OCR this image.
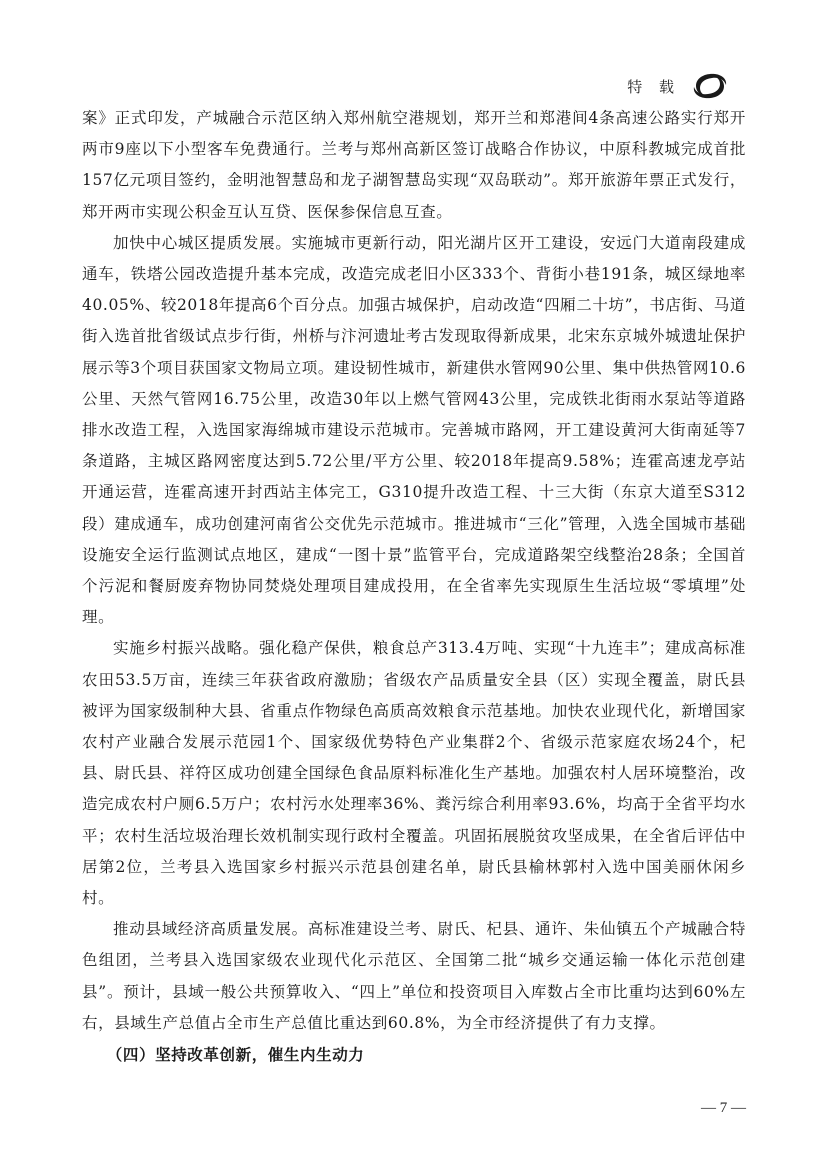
特 载

案》正式印发，产城融合示范区纳入郑州航空港规划，郑开兰和郑港间4条高速公路实行郑开两市9座以下小型客车免费通行。兰考与郑州高新区签订战略合作协议，中原科教城完成首批157亿元项目签约，金明池智慧岛和龙子湖智慧岛实现“双岛联动”。郑开旅游年票正式发行，郑开两市实现公积金互认互贷、医保参保信息互查。

加快中心城区提质发展。实施城市更新行动，阳光湖片区开工建设，安远门大道南段建成通车，铁塔公园改造提升基本完成，改造完成老旧小区333个、背街小巷191条，城区绿地率40.05%、较2018年提高6个百分点。加强古城保护，启动改造“四厢二十坊”，书店街、马道街入选首批省级试点步行街，州桥与汴河遗址考古发现取得新成果，北宋东京城外城遗址保护展示等3个项目获国家文物局立项。建设韧性城市，新建供水管网90公里、集中供热管网10.6公里、天然气管网16.75公里，改造30年以上燃气管网43公里，完成铁北街雨水泵站等道路排水改造工程，入选国家海绵城市建设示范城市。完善城市路网，开工建设黄河大街南延等7条道路，主城区路网密度达到5.72公里/平方公里、较2018年提高9.58%；连霍高速龙亭站开通运营，连霍高速开封西站主体完工，G310提升改造工程、十三大街（东京大道至S312段）建成通车，成功创建河南省公交优先示范城市。推进城市“三化”管理，入选全国城市基础设施安全运行监测试点地区，建成“一图十景”监管平台，完成道路架空线整治28条；全国首个污泥和餐厨废弃物协同焚烧处理项目建成投用，在全省率先实现原生生活垃圾“零填埋”处理。

实施乡村振兴战略。强化稳产保供，粮食总产313.4万吨、实现“十九连丰”；建成高标准农田53.5万亩，连续三年获省政府激励；省级农产品质量安全县（区）实现全覆盖，尉氏县被评为国家级制种大县、省重点作物绿色高质高效粮食示范基地。加快农业现代化，新增国家农村产业融合发展示范园1个、国家级优势特色产业集群2个、省级示范家庭农场24个，杞县、尉氏县、祥符区成功创建全国绿色食品原料标准化生产基地。加强农村人居环境整治，改造完成农村户厕6.5万户；农村污水处理率36%、粪污综合利用率93.6%，均高于全省平均水平；农村生活垃圾治理长效机制实现行政村全覆盖。巩固拓展脱贫攻坚成果，在全省后评估中居第2位，兰考县入选国家乡村振兴示范县创建名单，尉氏县榆林郭村入选中国美丽休闲乡村。

推动县域经济高质量发展。高标准建设兰考、尉氏、杞县、通许、朱仙镇五个产城融合特色组团，兰考县入选国家级农业现代化示范区、全国第二批“城乡交通运输一体化示范创建县”。预计，县域一般公共预算收入、“四上”单位和投资项目入库数占全市比重均达到60%左右，县域生产总值占全市生产总值比重达到60.8%，为全市经济提供了有力支撑。

（四）坚持改革创新，催生内生动力

— 7 —
